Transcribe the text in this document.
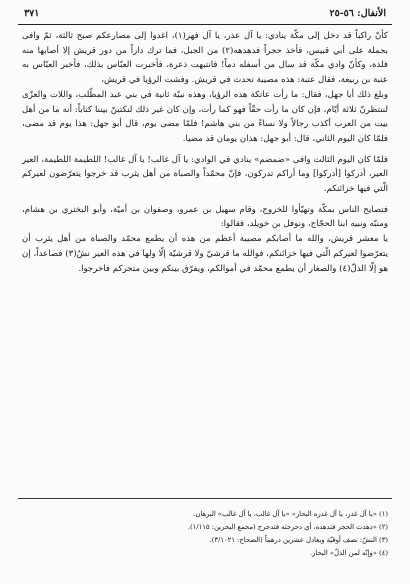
الأنفال: ٥٦-٢٥
٣٧١

كأنّ راكباً قد دخل إلى مكّة ينادي: يا آل عذر، يا آل فهر(١)، اغدوا إلى مصارعكم صبح ثالثة، ثمّ وافى بجملة على أبي قبيس، فأخذ حجراً فدهدهه(٢) من الجبل، فما ترك داراً من دور قريش إلا أصابها منه فلذة، وكأنّ وادي مكّة قد سال من أسفله دماً! فانتبهت ذعرة، فأخبرت العبّاس بذلك، فأخبر العبّاس به عتبة بن ربيعة، فقال عتبة: هذه مصيبة تحدث في قريش. وفشت الرؤيا في قريش،

وبلغ ذلك أبا جهل، فقال: ما رأت عاتكة هذه الرؤيا، وهذه نبيّة ثانية في بني عبد المطّلب، واللات والعزّى لننتظرنّ ثلاثة أيّام، فإن كان ما رأت حقّاً فهو كما رأت، وإن كان غير ذلك لنكتبنّ بيننا كتاباً: أنه ما من أهل بيت من العرب أكذب رجالاً ولا نساءً من بني هاشم! فلمّا مضى يوم، قال أبو جهل: هذا يوم قد مضى، فلمّا كان اليوم الثاني، قال: أبو جهل: هذان يومان قد مضيا.

فلمّا كان اليوم الثالث وافى «ضمضم» ينادي في الوادي: يا آل غالب! يا آل غالب! اللطيمة اللطيمة، العير العير، أدركوا [أدركوا] وما أراكم تدركون، فإنّ محمّداً والصباة من أهل يثرب قد خرجوا يتعرّضون لعيركم الّتي فيها خزائنكم.

فتصايح الناس بمكّة وتهيّأوا للخروج، وقام سهيل بن عمرو، وصفوان بن أميّة، وأبو البختري بن هشام، ومنبّه ونبيه ابنا الحجّاج، ونوفل بن خويلد، فقالوا:

يا معشر قريش، والله ما أصابكم مصيبة أعظم من هذه أن يطمع محمّد والصباة من أهل يثرب أن يتعرّضوا لعيركم الّتي فيها خزائنكم، فوالله ما قرشيّ ولا قرشيّة إلّا ولها في هذه العير نشٌ(٣) فصاعداً، إن هو إلّا الذلّ(٤) والصغار أن يطمع محمّد في أموالكم، ويفرّق بينكم وبين متجركم فاخرجوا.

(١) «يا آل غدر، يا آل غدره البحار» «يا آل غالب، يا آل غالب» البرهان.

(٢) «دهدت الحجر فتدهده، أي دحرجته فتدحرج (مجمع البحرين: ١/١١٥).

(٣) النشّ: نصف أوقيّة ويعادل عشرين درهماً (الصحاح: ٣/١٠٢١).

(٤) «وإنّه لمن الذلّ» البحار.
